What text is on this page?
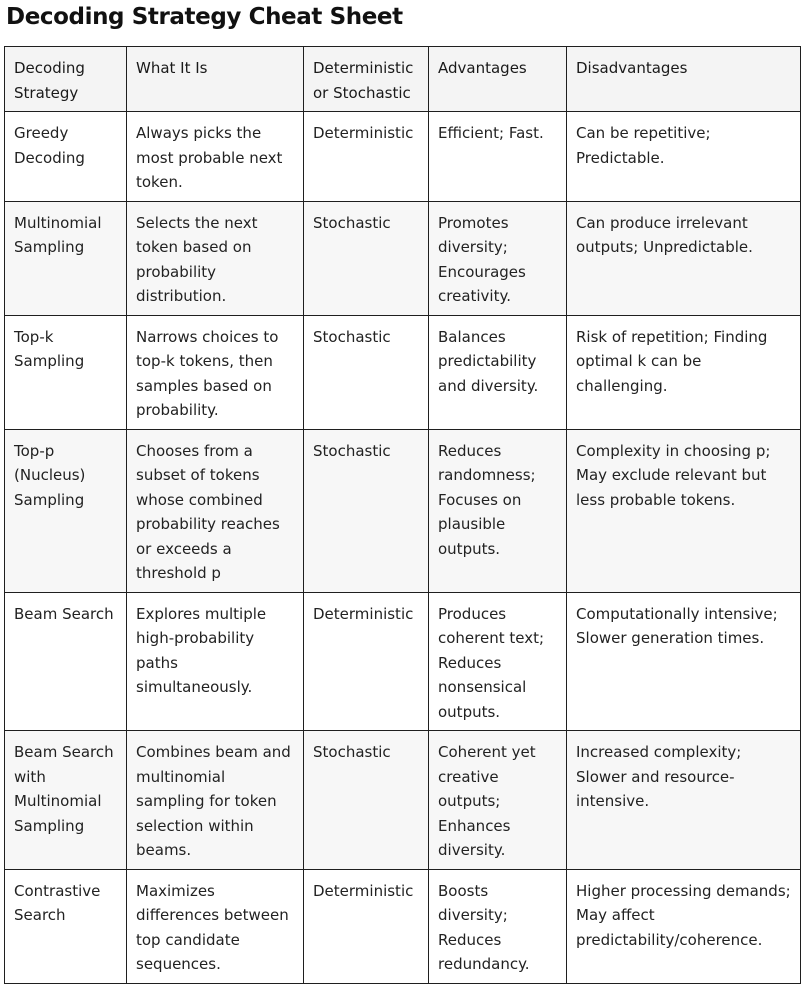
Decoding Strategy Cheat Sheet
Decoding Strategy	What It Is	Deterministic or Stochastic	Advantages	Disadvantages
Greedy Decoding	Always picks the most probable next token.	Deterministic	Efficient; Fast.	Can be repetitive; Predictable.
Multinomial Sampling	Selects the next token based on probability distribution.	Stochastic	Promotes diversity; Encourages creativity.	Can produce irrelevant outputs; Unpredictable.
Top-k Sampling	Narrows choices to top-k tokens, then samples based on probability.	Stochastic	Balances predictability and diversity.	Risk of repetition; Finding optimal k can be challenging.
Top-p (Nucleus) Sampling	Chooses from a subset of tokens whose combined probability reaches or exceeds a threshold p	Stochastic	Reduces randomness; Focuses on plausible outputs.	Complexity in choosing p; May exclude relevant but less probable tokens.
Beam Search	Explores multiple high-probability paths simultaneously.	Deterministic	Produces coherent text; Reduces nonsensical outputs.	Computationally intensive; Slower generation times.
Beam Search with Multinomial Sampling	Combines beam and multinomial sampling for token selection within beams.	Stochastic	Coherent yet creative outputs; Enhances diversity.	Increased complexity; Slower and resource-intensive.
Contrastive Search	Maximizes differences between top candidate sequences.	Deterministic	Boosts diversity; Reduces redundancy.	Higher processing demands; May affect predictability/coherence.
